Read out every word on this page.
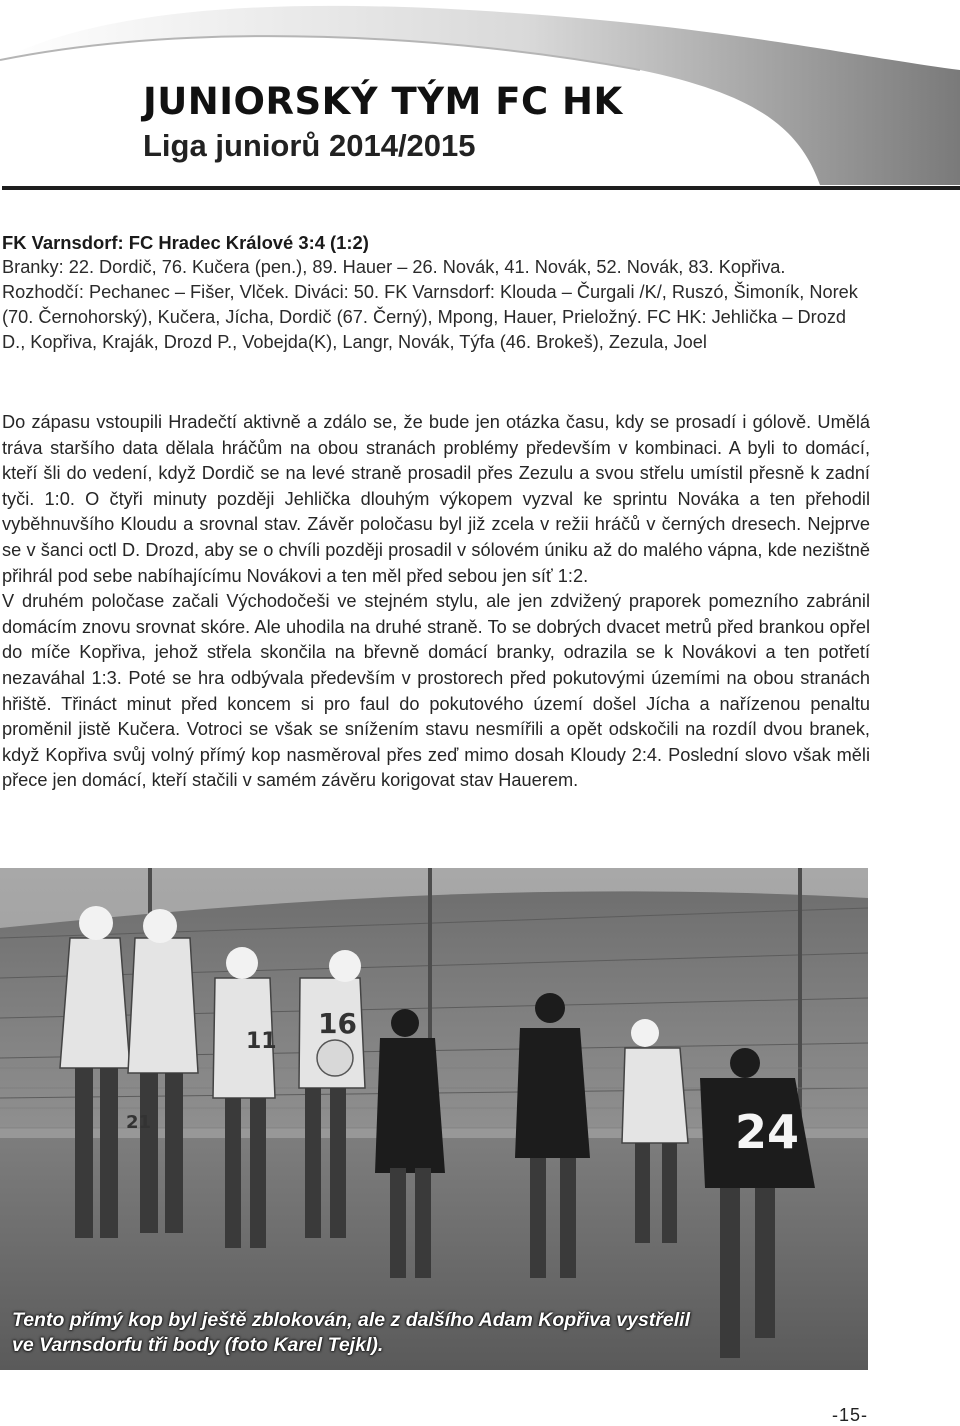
JUNIORSKÝ TÝM FC HK
Liga juniorů 2014/2015

FK Varnsdorf: FC Hradec Králové 3:4 (1:2)

Branky: 22. Dordič, 76. Kučera (pen.), 89. Hauer – 26. Novák, 41. Novák, 52. Novák, 83. Kopřiva. Rozhodčí: Pechanec – Fišer, Vlček. Diváci: 50. FK Varnsdorf: Klouda – Čurgali /K/, Ruszó, Šimoník, Norek (70. Černohorský), Kučera, Jícha, Dordič (67. Černý), Mpong, Hauer, Prieložný. FC HK: Jehlička – Drozd D., Kopřiva, Kraják, Drozd P., Vobejda(K), Langr, Novák, Týfa (46. Brokeš), Zezula, Joel

Do zápasu vstoupili Hradečtí aktivně a zdálo se, že bude jen otázka času, kdy se prosadí i gólově. Umělá tráva staršího data dělala hráčům na obou stranách problémy především v kombinaci. A byli to domácí, kteří šli do vedení, když Dordič se na levé straně prosadil přes Zezulu a svou střelu umístil přesně k zadní tyči. 1:0. O čtyři minuty později Jehlička dlouhým výkopem vyzval ke sprintu Nováka a ten přehodil vyběhnuvšího Kloudu a srovnal stav. Závěr poločasu byl již zcela v režii hráčů v černých dresech. Nejprve se v šanci octl D. Drozd, aby se o chvíli později prosadil v sólovém úniku až do malého vápna, kde nezištně přihrál pod sebe nabíhajícímu Novákovi a ten měl před sebou jen síť 1:2.

V druhém poločase začali Východočeši ve stejném stylu, ale jen zdvižený praporek pomezního zabránil domácím znovu srovnat skóre. Ale uhodila na druhé straně. To se dobrých dvacet metrů před brankou opřel do míče Kopřiva, jehož střela skončila na břevně domácí branky, odrazila se k Novákovi a ten potřetí nezaváhal 1:3. Poté se hra odbývala především v prostorech před pokutovými územími na obou stranách hřiště. Třináct minut před koncem si pro faul do pokutového území došel Jícha a nařízenou penaltu proměnil jistě Kučera. Votroci se však se snížením stavu nesmířili a opět odskočili na rozdíl dvou branek, když Kopřiva svůj volný přímý kop nasměroval přes zeď mimo dosah Kloudy 2:4. Poslední slovo však měli přece jen domácí, kteří stačili v samém závěru korigovat stav Hauerem.

16
11
21	24
Tento přímý kop byl ještě zblokován, ale z dalšího Adam Kopřiva vystřelil ve Varnsdorfu tři body (foto Karel Tejkl).
-15-
